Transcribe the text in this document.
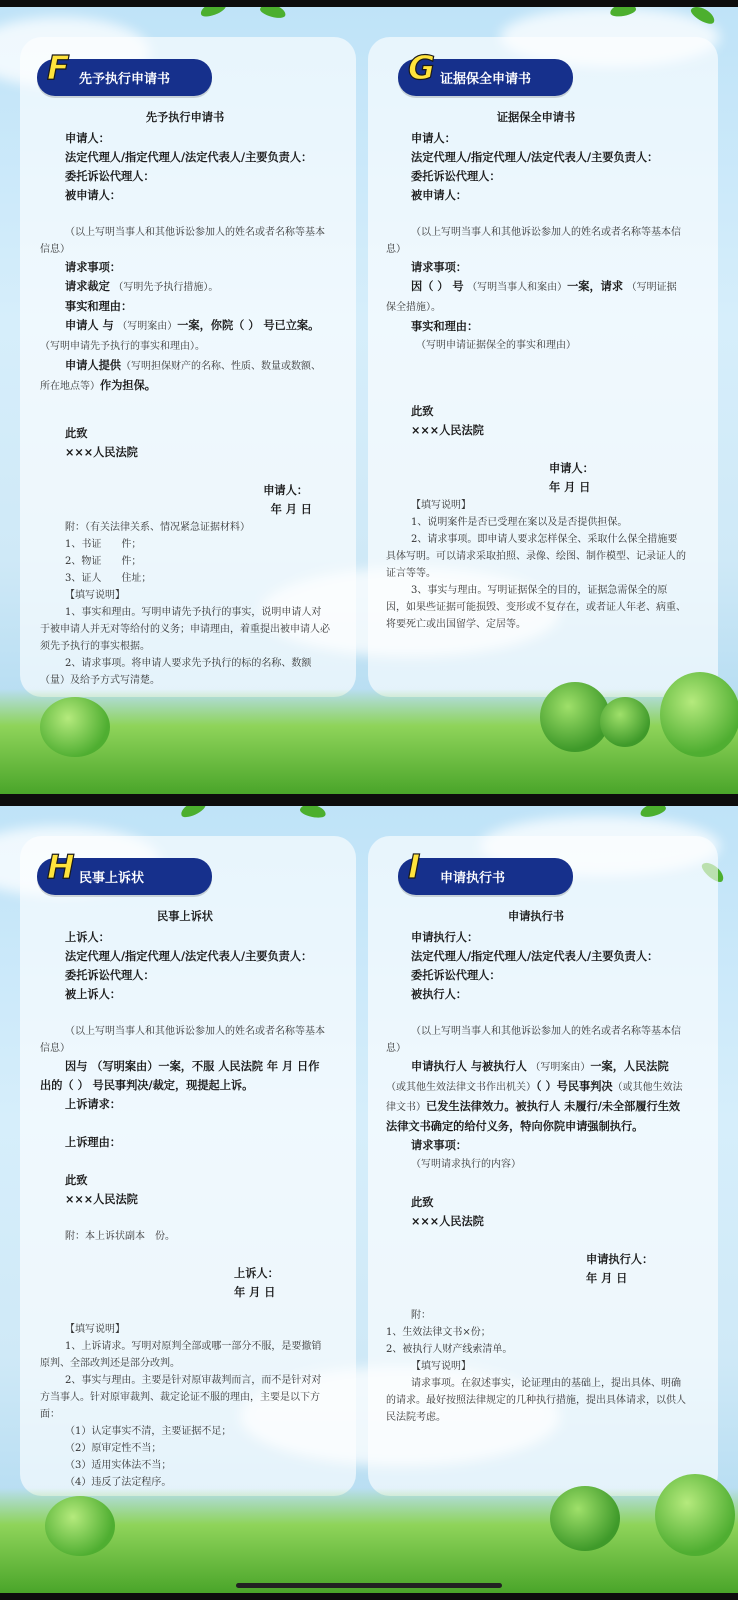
F 先予执行申请书	G 证据保全申请书

先予执行申请书

申请人：

法定代理人/指定代理人/法定代表人/主要负责人：

委托诉讼代理人：

被申请人：

（以上写明当事人和其他诉讼参加人的姓名或者名称等基本信息）

请求事项：

请求裁定 （写明先予执行措施）。

事实和理由：

申请人 与 （写明案由）一案，你院（ ） 号已立案。 （写明申请先予执行的事实和理由）。

申请人提供（写明担保财产的名称、性质、数量或数额、所在地点等）作为担保。

此致

×××人民法院

申请人：

年 月 日

附：（有关法律关系、情况紧急证据材料）

1、书证　　件；

2、物证　　件；

3、证人　　住址；

【填写说明】

1、事实和理由。写明申请先予执行的事实，说明申请人对于被申请人并无对等给付的义务；申请理由，着重提出被申请人必须先予执行的事实根据。

2、请求事项。将申请人要求先予执行的标的名称、数额（量）及给予方式写清楚。

证据保全申请书

申请人：

法定代理人/指定代理人/法定代表人/主要负责人：

委托诉讼代理人：

被申请人：

（以上写明当事人和其他诉讼参加人的姓名或者名称等基本信息）

请求事项：

因（ ） 号 （写明当事人和案由）一案，请求 （写明证据保全措施）。

事实和理由：

（写明申请证据保全的事实和理由）

此致

×××人民法院

申请人：

年 月 日

【填写说明】

1、说明案件是否已受理在案以及是否提供担保。

2、请求事项。即申请人要求怎样保全、采取什么保全措施要具体写明。可以请求采取拍照、录像、绘图、制作模型、记录证人的证言等等。

3、事实与理由。写明证据保全的目的，证据急需保全的原因，如果些证据可能损毁、变形或不复存在，或者证人年老、病重、将要死亡或出国留学、定居等。

H 民事上诉状	I 申请执行书

民事上诉状

上诉人：

法定代理人/指定代理人/法定代表人/主要负责人：

委托诉讼代理人：

被上诉人：

（以上写明当事人和其他诉讼参加人的姓名或者名称等基本信息）

因与 （写明案由）一案，不服 人民法院 年 月 日作出的（ ） 号民事判决/裁定，现提起上诉。

上诉请求：

上诉理由：

此致

×××人民法院

附：本上诉状副本　份。

上诉人：

年 月 日

【填写说明】

1、上诉请求。写明对原判全部或哪一部分不服，是要撤销原判、全部改判还是部分改判。

2、事实与理由。主要是针对原审裁判而言，而不是针对对方当事人。针对原审裁判、裁定论证不服的理由，主要是以下方面：

（1）认定事实不清，主要证据不足；

（2）原审定性不当；

（3）适用实体法不当；

（4）违反了法定程序。

申请执行书

申请执行人：

法定代理人/指定代理人/法定代表人/主要负责人：

委托诉讼代理人：

被执行人：

（以上写明当事人和其他诉讼参加人的姓名或者名称等基本信息）

申请执行人 与被执行人 （写明案由）一案，人民法院（或其他生效法律文书作出机关）（ ）号民事判决（或其他生效法律文书）已发生法律效力。被执行人 未履行/未全部履行生效法律文书确定的给付义务，特向你院申请强制执行。

请求事项：

（写明请求执行的内容）

此致

×××人民法院

申请执行人：

年 月 日

附：

1、生效法律文书×份；

2、被执行人财产线索清单。

【填写说明】

请求事项。在叙述事实，论证理由的基础上，提出具体、明确的请求。最好按照法律规定的几种执行措施，提出具体请求，以供人民法院考虑。
